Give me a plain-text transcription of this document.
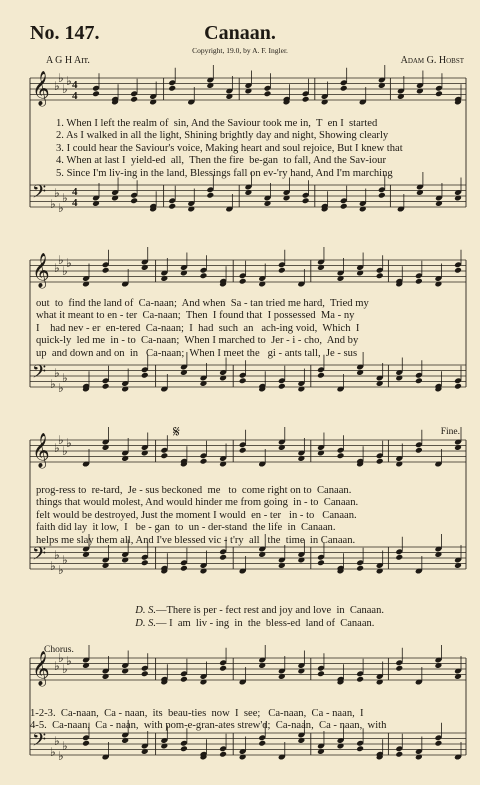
No. 147.	Canaan.
Copyright, 19.0, by A. F. Ingler.
A G H Arr.	Adam G. Hobst
𝄞 ♭
♭
♭
♭
𝄢 ♭
♭
♭
♭
4
4
4
4

1. When I left the realm of  sin, And the Saviour took me in,  T  en I  started

2. As I walked in all the light, Shining brightly day and night, Showing clearly

3. I could hear the Saviour's voice, Making heart and soul rejoice, But I knew that

4. When at last I  yield-ed  all,  Then the fire  be-gan  to fall, And the Sav-iour

5. Since I'm liv-ing in the land, Blessings fall on ev-'ry hand, And I'm marching

𝄞 ♭
♭
♭
♭
𝄢 ♭
♭
♭
♭

out  to  find the land of  Ca-naan;  And when  Sa - tan tried me hard,  Tried my

what it meant to en - ter  Ca-naan;  Then  I found that  I possessed  Ma - ny

I    had nev - er  en-tered  Ca-naan;  I  had  such  an   ach-ing void,  Which  I

quick-ly  led me  in - to  Ca-naan;  When I marched to  Jer - i - cho,  And by

up  and down and on  in   Ca-naan;  When I meet the   gi - ants tall,  Je - sus

𝄋	Fine.
𝄞 ♭
♭
♭
♭
𝄢 ♭
♭
♭
♭

prog-ress to  re-tard,  Je - sus beckoned  me   to  come right on to  Canaan.

things that would molest, And would hinder me from going  in - to  Canaan.

felt would be destroyed, Just the moment I would  en - ter   in - to   Canaan.

faith did lay  it low,  I   be - gan  to  un - der-stand  the life  in  Canaan.

helps me slay them all, And I've blessed vic - t'ry  all   the  time  in Canaan.

D. S.—There is per - fect rest and joy and love  in  Canaan.

D. S.— I  am  liv - ing  in  the  bless-ed  land of  Canaan.

Chorus.
𝄞 ♭
♭
♭
♭
𝄢 ♭
♭
♭
♭

1-2-3.  Ca-naan,  Ca - naan,  its  beau-ties  now  I  see;   Ca-naan,  Ca - naan,  I

4-5.  Ca-naan,  Ca - naan,  with pom-e-gran-ates strew'd;  Ca-naan,  Ca - naan,  with
